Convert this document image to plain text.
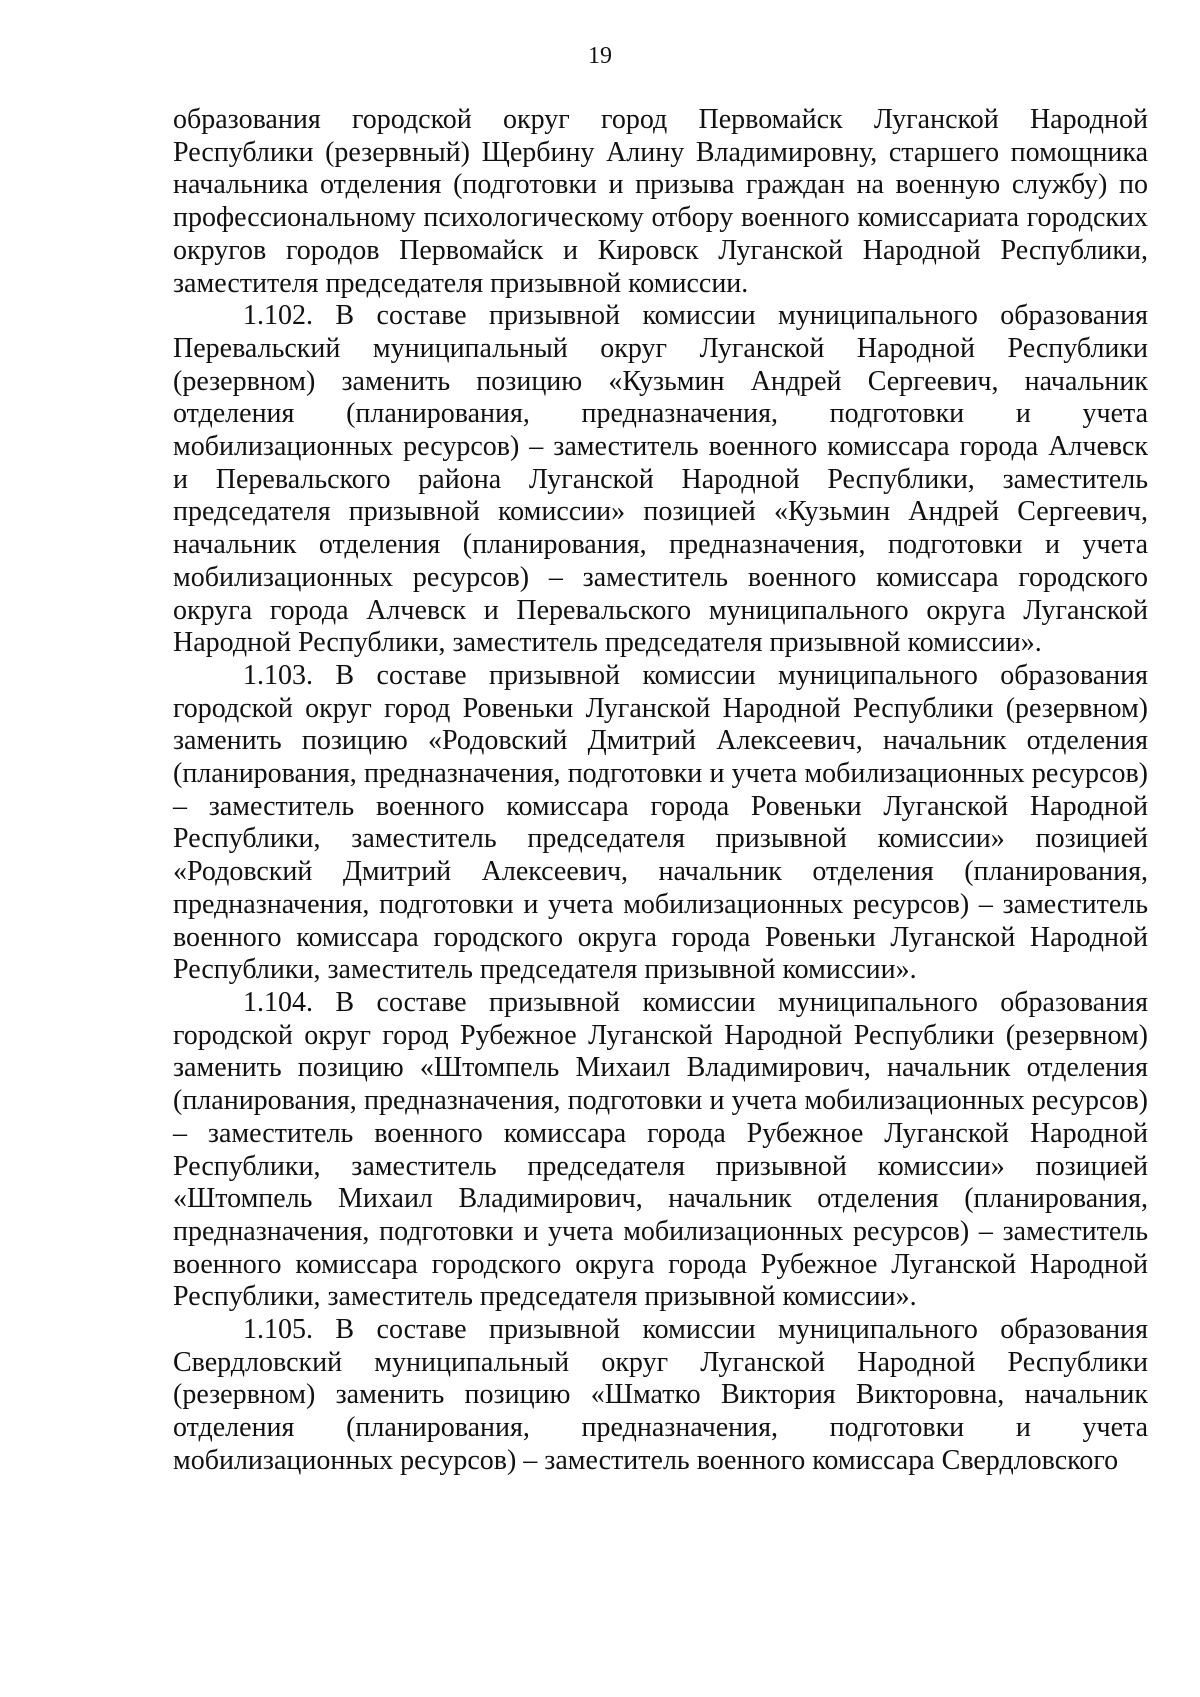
19

образования городской округ город Первомайск Луганской Народной Республики (резервный) Щербину Алину Владимировну, старшего помощника начальника отделения (подготовки и призыва граждан на военную службу) по профессиональному психологическому отбору военного комиссариата городских округов городов Первомайск и Кировск Луганской Народной Республики, заместителя председателя призывной комиссии.

1.102. В составе призывной комиссии муниципального образования Перевальский муниципальный округ Луганской Народной Республики (резервном) заменить позицию «Кузьмин Андрей Сергеевич, начальник отделения (планирования, предназначения, подготовки и учета мобилизационных ресурсов) – заместитель военного комиссара города Алчевск и Перевальского района Луганской Народной Республики, заместитель председателя призывной комиссии» позицией «Кузьмин Андрей Сергеевич, начальник отделения (планирования, предназначения, подготовки и учета мобилизационных ресурсов) – заместитель военного комиссара городского округа города Алчевск и Перевальского муниципального округа Луганской Народной Республики, заместитель председателя призывной комиссии».

1.103. В составе призывной комиссии муниципального образования городской округ город Ровеньки Луганской Народной Республики (резервном) заменить позицию «Родовский Дмитрий Алексеевич, начальник отделения (планирования, предназначения, подготовки и учета мобилизационных ресурсов) – заместитель военного комиссара города Ровеньки Луганской Народной Республики, заместитель председателя призывной комиссии» позицией «Родовский Дмитрий Алексеевич, начальник отделения (планирования, предназначения, подготовки и учета мобилизационных ресурсов) – заместитель военного комиссара городского округа города Ровеньки Луганской Народной Республики, заместитель председателя призывной комиссии».

1.104. В составе призывной комиссии муниципального образования городской округ город Рубежное Луганской Народной Республики (резервном) заменить позицию «Штомпель Михаил Владимирович, начальник отделения (планирования, предназначения, подготовки и учета мобилизационных ресурсов) – заместитель военного комиссара города Рубежное Луганской Народной Республики, заместитель председателя призывной комиссии» позицией «Штомпель Михаил Владимирович, начальник отделения (планирования, предназначения, подготовки и учета мобилизационных ресурсов) – заместитель военного комиссара городского округа города Рубежное Луганской Народной Республики, заместитель председателя призывной комиссии».

1.105. В составе призывной комиссии муниципального образования Свердловский муниципальный округ Луганской Народной Республики (резервном) заменить позицию «Шматко Виктория Викторовна, начальник отделения (планирования, предназначения, подготовки и учета мобилизационных ресурсов) – заместитель военного комиссара Свердловского
